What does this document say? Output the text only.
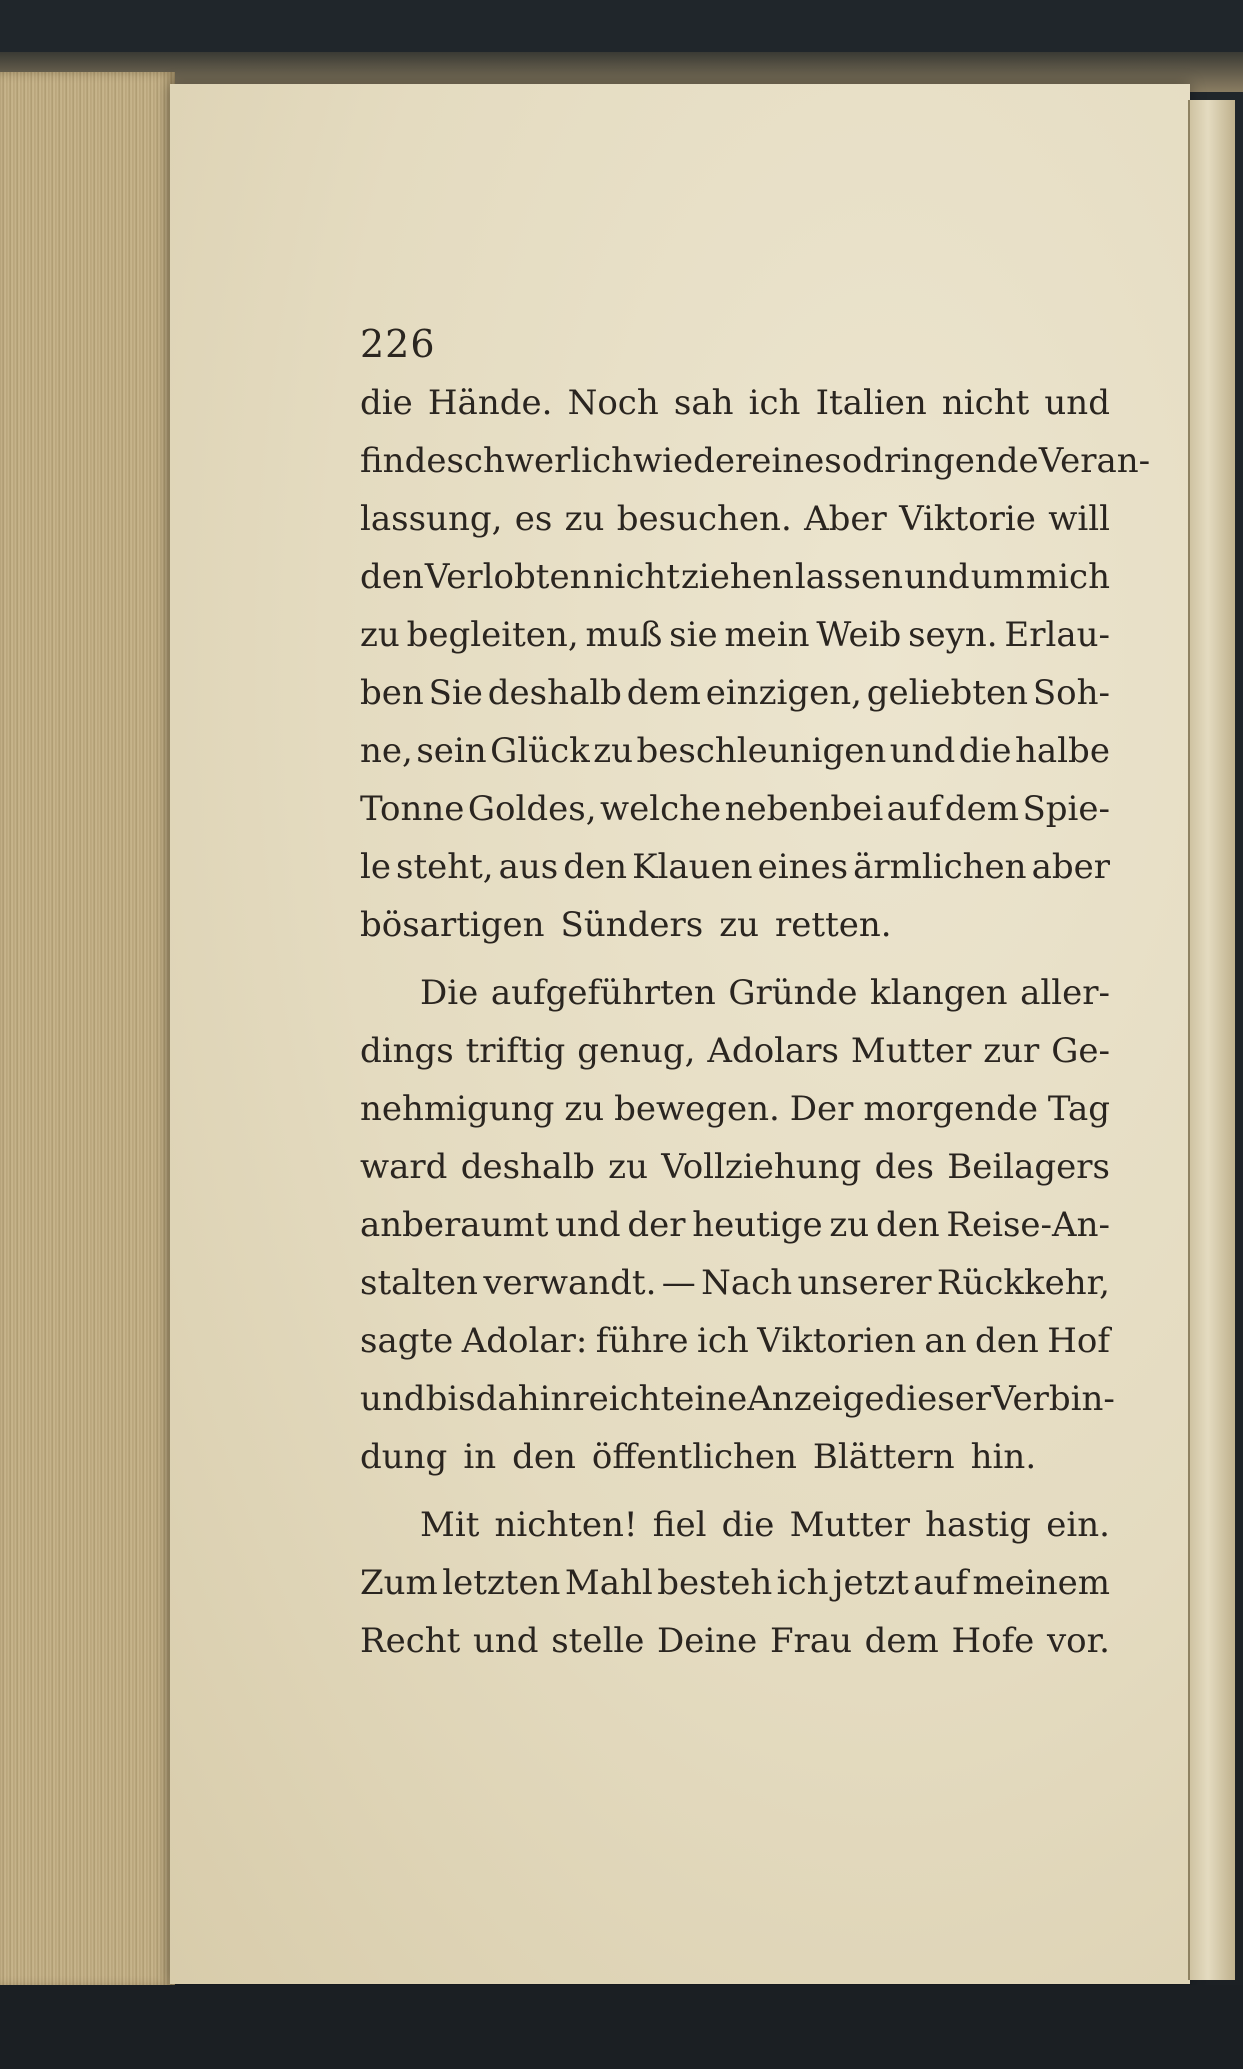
226
die Hände. Noch sah ich Italien nicht und
finde schwerlich wieder eine so dringende Veran-
lassung, es zu besuchen. Aber Viktorie will
den Verlobten nicht ziehen lassen und um mich
zu begleiten, muß sie mein Weib seyn. Erlau-
ben Sie deshalb dem einzigen, geliebten Soh-
ne, sein Glück zu beschleunigen und die halbe
Tonne Goldes, welche nebenbei auf dem Spie-
le steht, aus den Klauen eines ärmlichen aber
bösartigen Sünders zu retten.
Die aufgeführten Gründe klangen aller-
dings triftig genug, Adolars Mutter zur Ge-
nehmigung zu bewegen. Der morgende Tag
ward deshalb zu Vollziehung des Beilagers
anberaumt und der heutige zu den Reise-An-
stalten verwandt. — Nach unserer Rückkehr,
sagte Adolar: führe ich Viktorien an den Hof
und bis dahin reicht eine Anzeige dieser Verbin-
dung in den öffentlichen Blättern hin.
Mit nichten! fiel die Mutter hastig ein.
Zum letzten Mahl besteh ich jetzt auf meinem
Recht und stelle Deine Frau dem Hofe vor.
